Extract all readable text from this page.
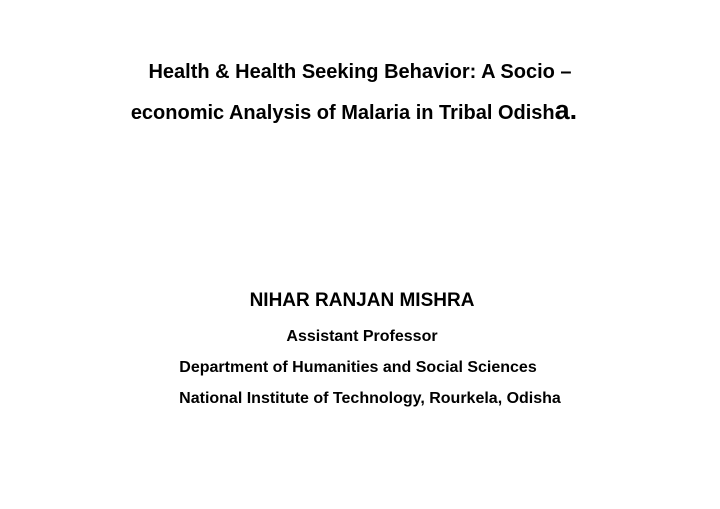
Health & Health Seeking Behavior: A Socio –
economic Analysis of Malaria in Tribal Odisha.
NIHAR RANJAN MISHRA
Assistant Professor
Department of Humanities and Social Sciences
National Institute of Technology, Rourkela, Odisha
